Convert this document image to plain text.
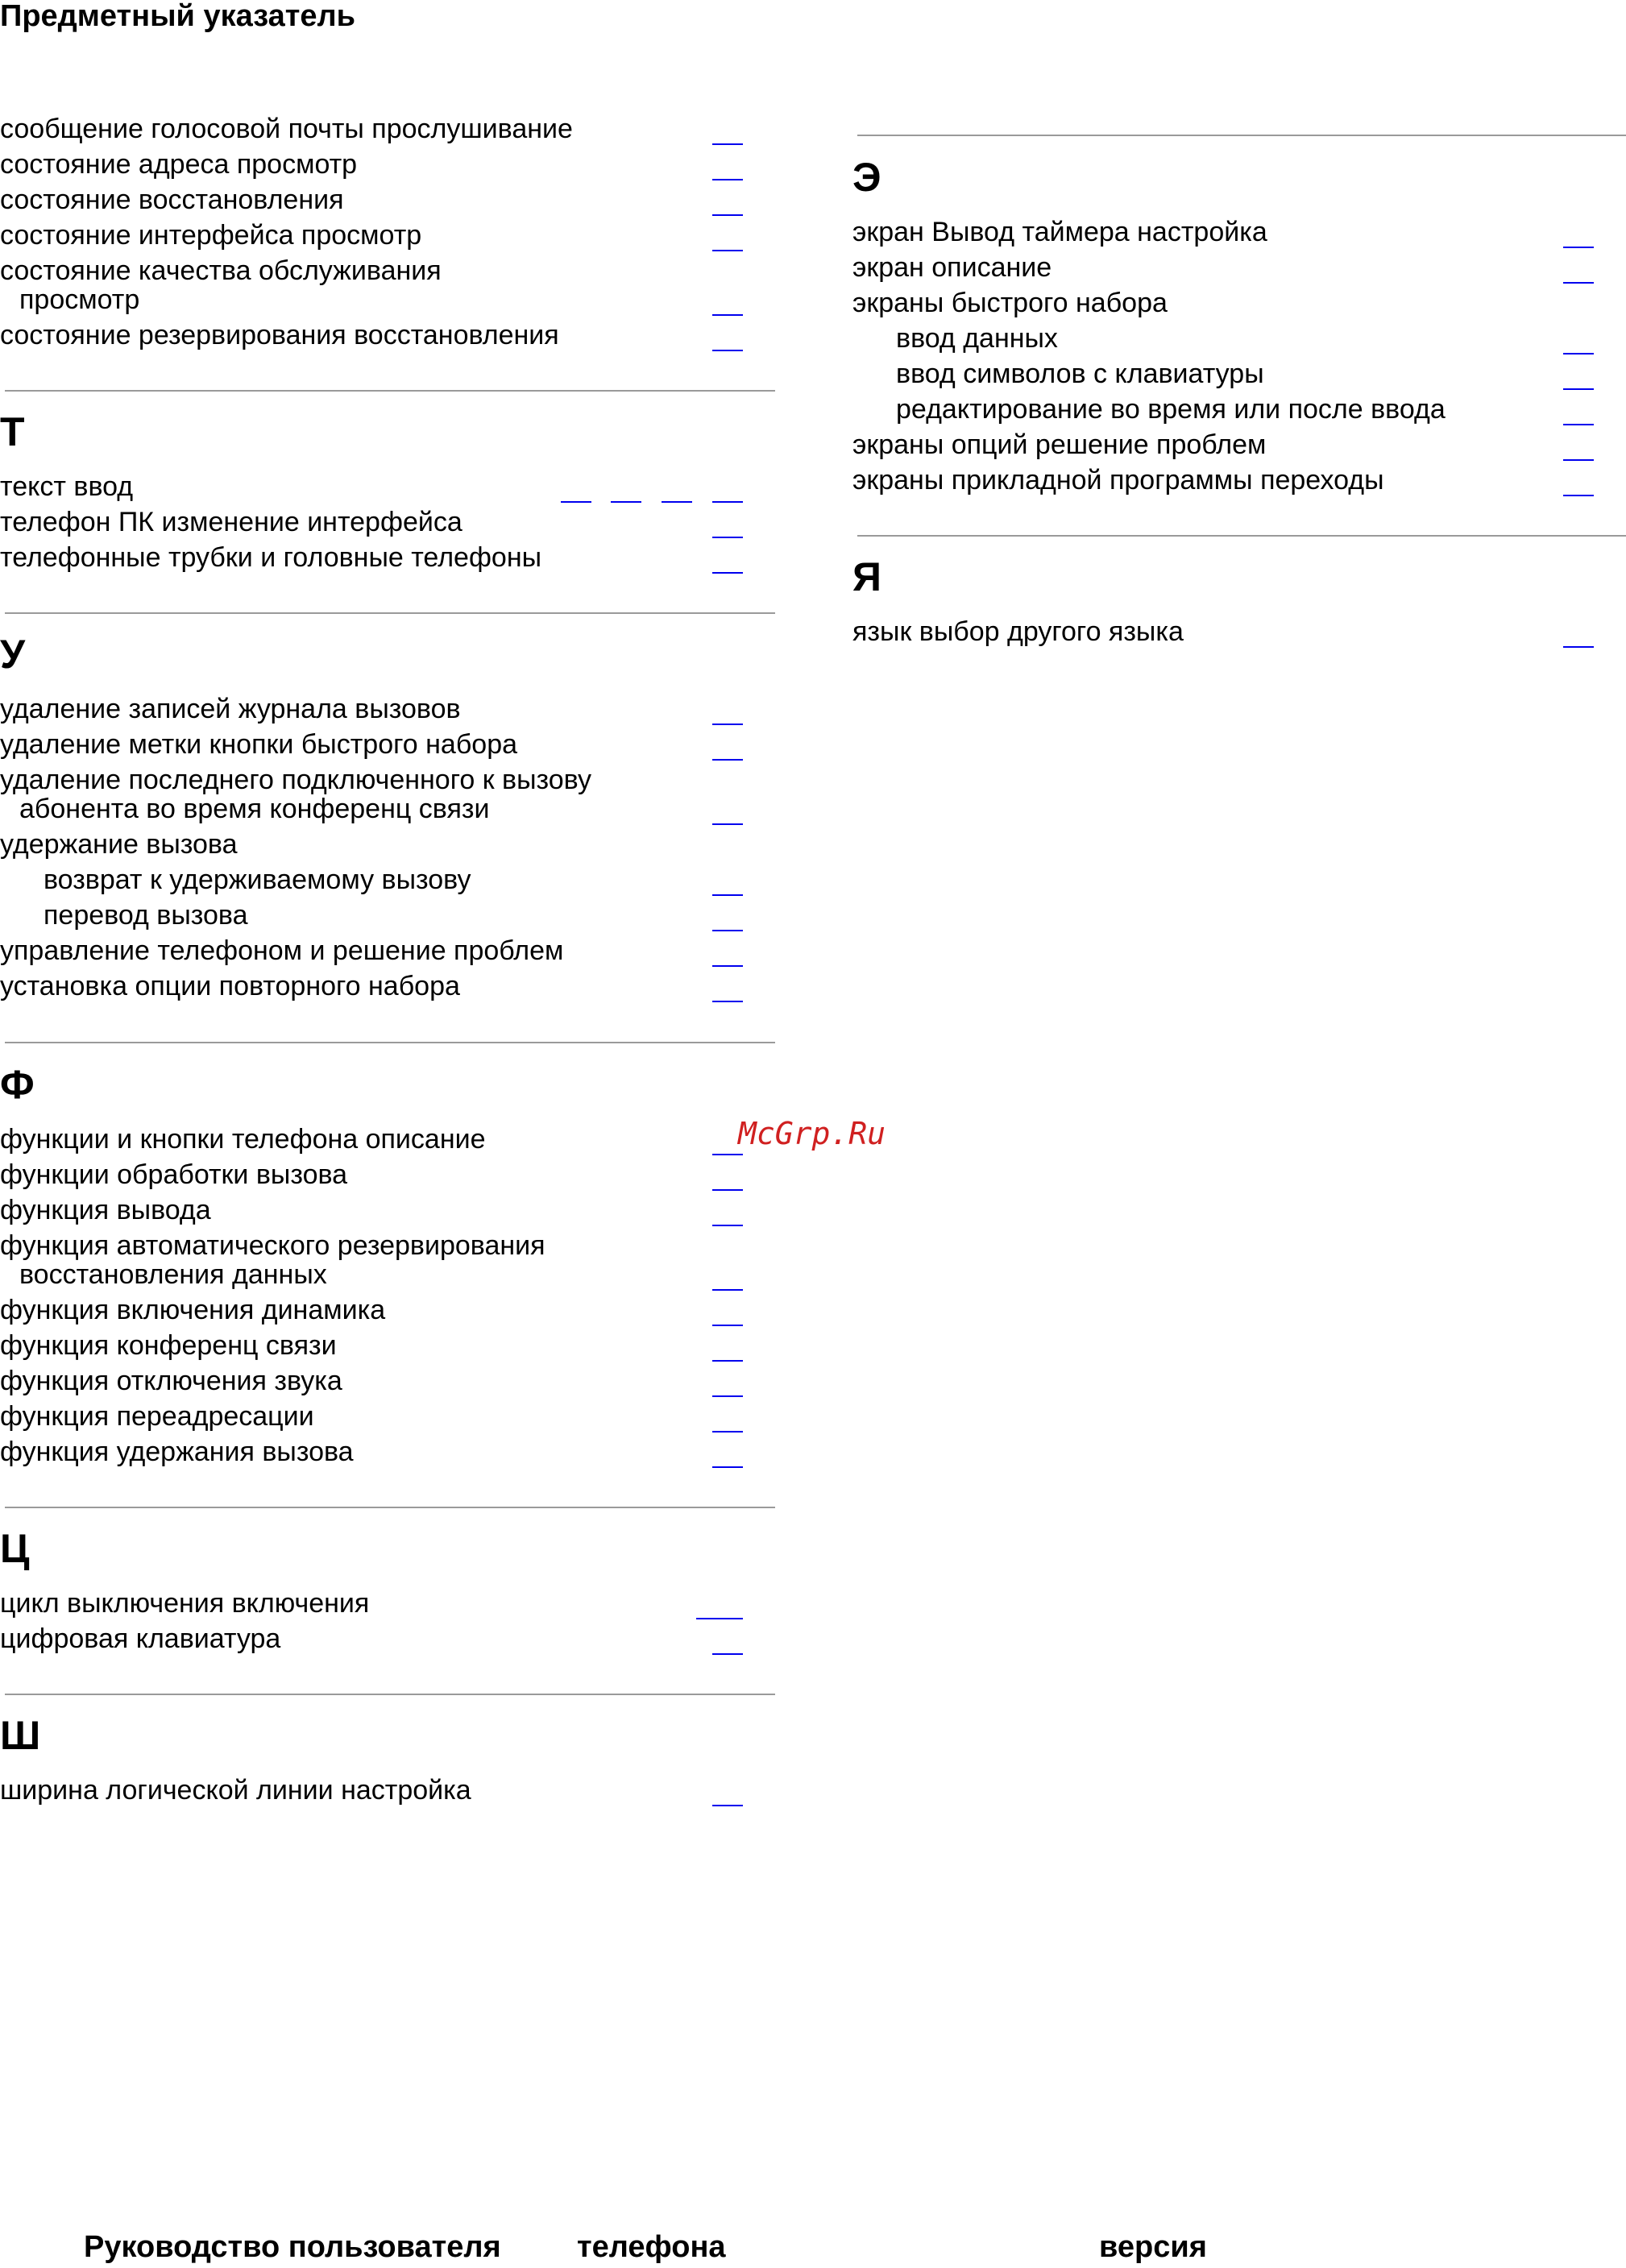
Предметный указатель
сообщение голосовой почты прослушивание
состояние адреса просмотр
состояние восстановления
состояние интерфейса просмотр
состояние качества обслуживания
просмотр
состояние резервирования восстановления
Т
текст ввод
телефон ПК изменение интерфейса
телефонные трубки и головные телефоны
У
удаление записей журнала вызовов
удаление метки кнопки быстрого набора
удаление последнего подключенного к вызову
абонента во время конференц связи
удержание вызова
возврат к удерживаемому вызову
перевод вызова
управление телефоном и решение проблем
установка опции повторного набора
Ф
функции и кнопки телефона описание
функции обработки вызова
функция вывода
функция автоматического резервирования
восстановления данных
функция включения динамика
функция конференц связи
функция отключения звука
функция переадресации
функция удержания вызова
Ц
цикл выключения включения
цифровая клавиатура
Ш
ширина логической линии настройка
Э
экран Вывод таймера настройка
экран описание
экраны быстрого набора
ввод данных
ввод символов с клавиатуры
редактирование во время или после ввода
экраны опций решение проблем
экраны прикладной программы переходы
Я
язык выбор другого языка
McGrp.Ru
Руководство пользователя телефона	версия
